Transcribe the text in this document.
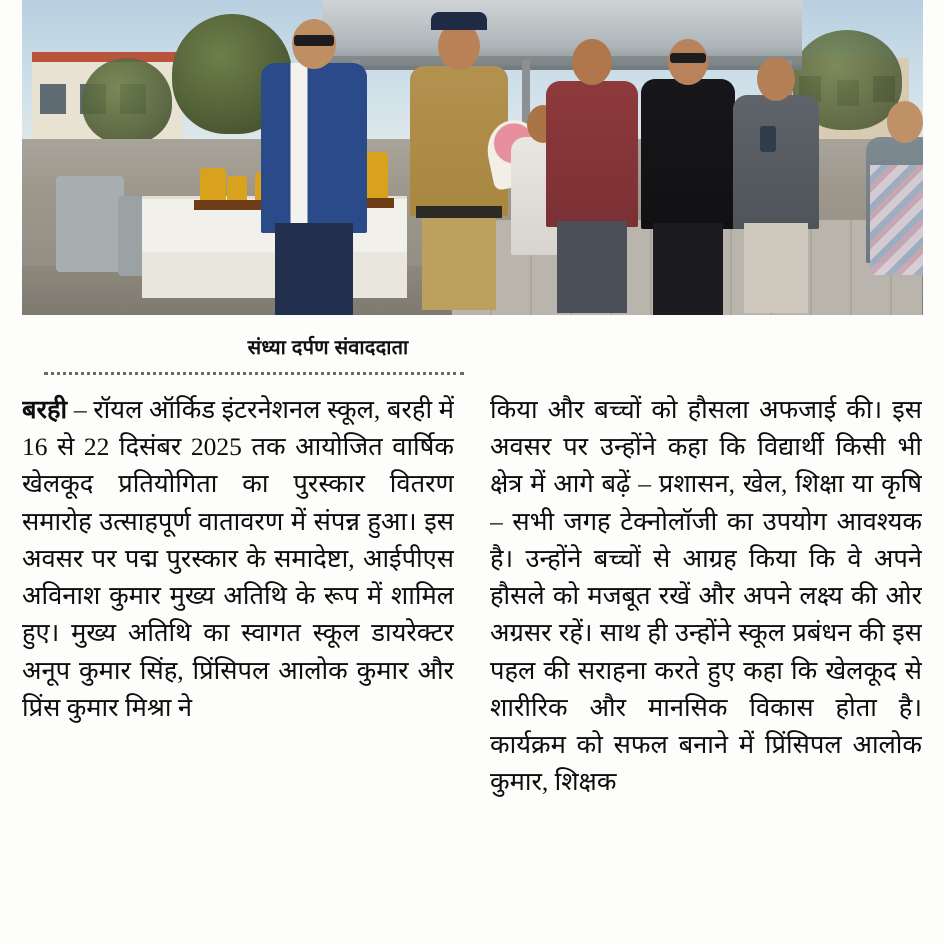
संध्या दर्पण संवाददाता

बरही – रॉयल ऑर्किड इंटरनेशनल स्कूल, बरही में 16 से 22 दिसंबर 2025 तक आयोजित वार्षिक खेलकूद प्रतियोगिता का पुरस्कार वितरण समारोह उत्साहपूर्ण वातावरण में संपन्न हुआ। इस अवसर पर पद्म पुरस्कार के समादेष्टा, आईपीएस अविनाश कुमार मुख्य अतिथि के रूप में शामिल हुए। मुख्य अतिथि का स्वागत स्कूल डायरेक्टर अनूप कुमार सिंह, प्रिंसिपल आलोक कुमार और प्रिंस कुमार मिश्रा ने

किया और बच्चों को हौसला अफजाई की। इस अवसर पर उन्होंने कहा कि विद्यार्थी किसी भी क्षेत्र में आगे बढ़ें – प्रशासन, खेल, शिक्षा या कृषि – सभी जगह टेक्नोलॉजी का उपयोग आवश्यक है। उन्होंने बच्चों से आग्रह किया कि वे अपने हौसले को मजबूत रखें और अपने लक्ष्य की ओर अग्रसर रहें। साथ ही उन्होंने स्कूल प्रबंधन की इस पहल की सराहना करते हुए कहा कि खेलकूद से शारीरिक और मानसिक विकास होता है। कार्यक्रम को सफल बनाने में प्रिंसिपल आलोक कुमार, शिक्षक
